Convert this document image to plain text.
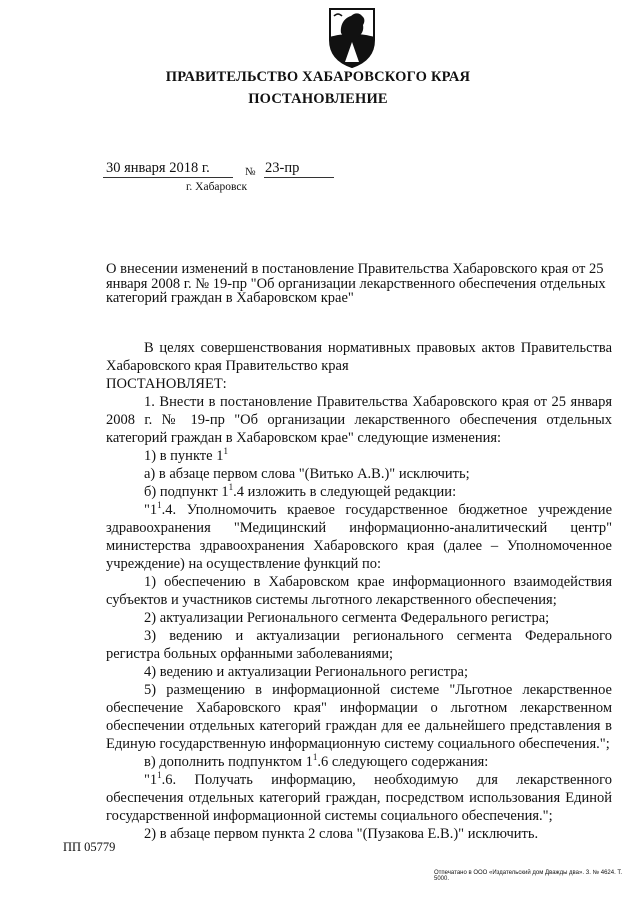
ПРАВИТЕЛЬСТВО ХАБАРОВСКОГО КРАЯ
ПОСТАНОВЛЕНИЕ
30 января 2018 г.	№ 23-пр
г. Хабаровск
О внесении изменений в постановление Правительства Хабаровского края от 25 января 2008 г. № 19-пр "Об организации лекарственного обеспечения отдельных категорий граждан в Хабаровском крае"

В целях совершенствования нормативных правовых актов Правительства Хабаровского края Правительство края

ПОСТАНОВЛЯЕТ:

1. Внести в постановление Правительства Хабаровского края от 25 января 2008 г. № 19-пр "Об организации лекарственного обеспечения отдельных категорий граждан в Хабаровском крае" следующие изменения:

1) в пункте $1^1$

а) в абзаце первом слова "(Витько А.В.)" исключить;

б) подпункт $1^1.4$ изложить в следующей редакции:

"$1^1.4$. Уполномочить краевое государственное бюджетное учреждение здравоохранения "Медицинский информационно-аналитический центр" министерства здравоохранения Хабаровского края (далее – Уполномоченное учреждение) на осуществление функций по:

1) обеспечению в Хабаровском крае информационного взаимодействия субъектов и участников системы льготного лекарственного обеспечения;

2) актуализации Регионального сегмента Федерального регистра;

3) ведению и актуализации регионального сегмента Федерального регистра больных орфанными заболеваниями;

4) ведению и актуализации Регионального регистра;

5) размещению в информационной системе "Льготное лекарственное обеспечение Хабаровского края" информации о льготном лекарственном обеспечении отдельных категорий граждан для ее дальнейшего представления в Единую государственную информационную систему социального обеспечения.";

в) дополнить подпунктом $1^1.6$ следующего содержания:

"$1^1.6$. Получать информацию, необходимую для лекарственного обеспечения отдельных категорий граждан, посредством использования Единой государственной информационной системы социального обеспечения.";

2) в абзаце первом пункта 2 слова "(Пузакова Е.В.)" исключить.

ПП 05779
Отпечатано в ООО «Издательский дом Дважды два». З. № 4624. Т. 5000.
